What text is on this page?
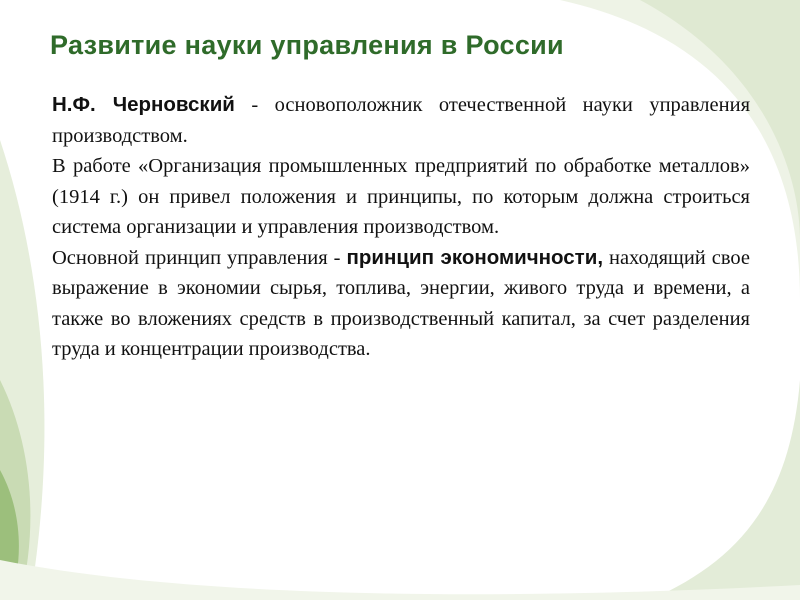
Развитие науки управления в России

Н.Ф. Черновский - основоположник отечественной науки управления производством.

В работе «Организация промышленных предприятий по обработке металлов» (1914 г.) он привел положения и принципы, по которым должна строиться система организации и управления производством.

Основной принцип управления - принцип экономичности, находящий свое выражение в экономии сырья, топлива, энергии, живого труда и времени, а также во вложениях средств в производственный капитал, за счет разделения труда и концентрации производства.
